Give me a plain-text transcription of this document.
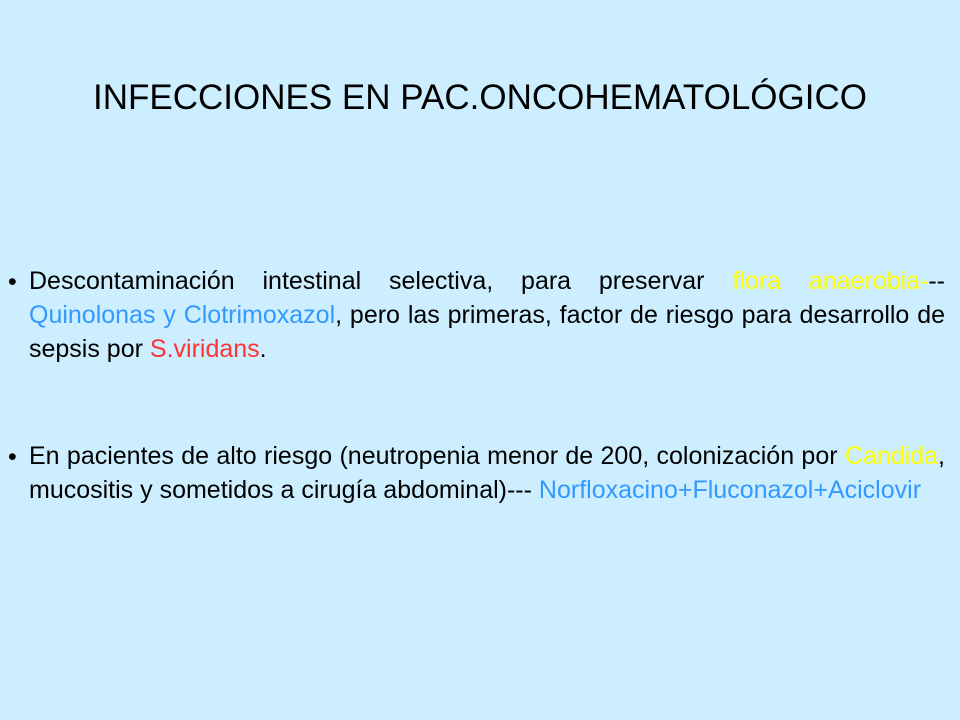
INFECCIONES EN PAC.ONCOHEMATOLÓGICO
• Descontaminación intestinal selectiva, para preservar flora anaerobia---Quinolonas y Clotrimoxazol, pero las primeras, factor de riesgo para desarrollo de sepsis por S.viridans.
• En pacientes de alto riesgo (neutropenia menor de 200, colonización por Candida, mucositis y sometidos a cirugía abdominal)--- Norfloxacino+Fluconazol+Aciclovir
